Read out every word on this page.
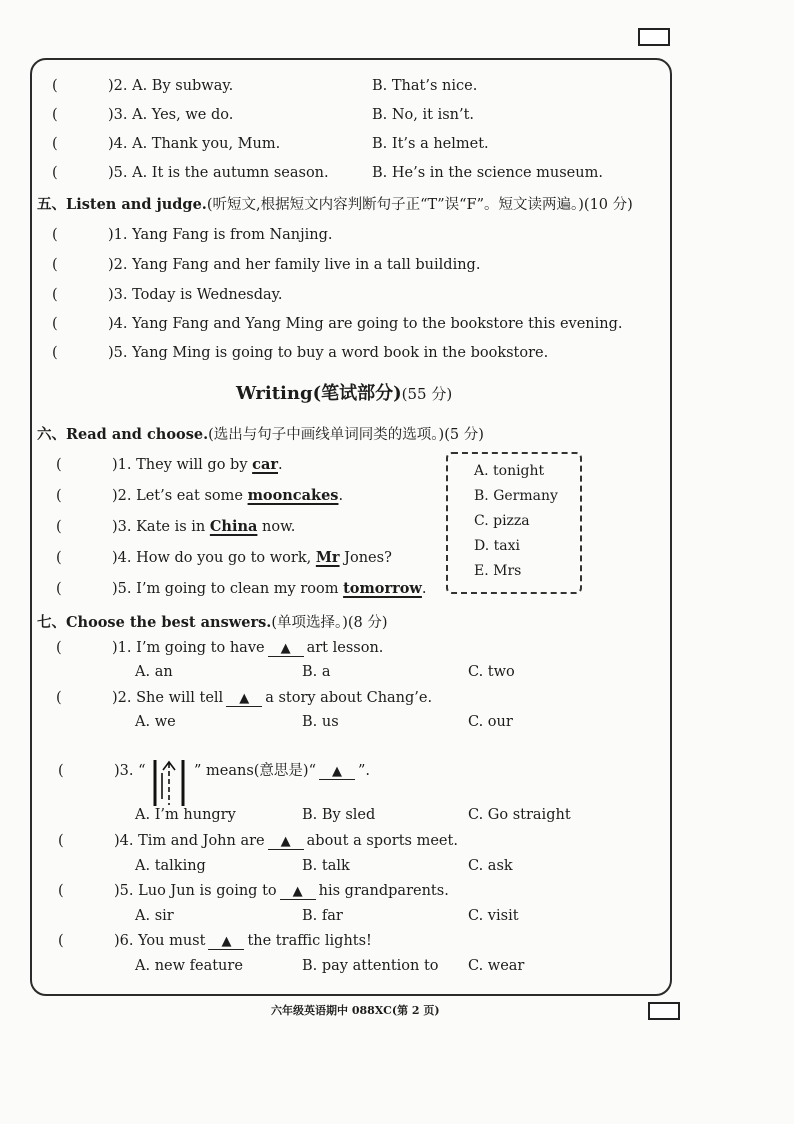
(	)2. A. By subway.	B. That’s nice.
(	)3. A. Yes, we do.	B. No, it isn’t.
(	)4. A. Thank you, Mum.	B. It’s a helmet.
(	)5. A. It is the autumn season.	B. He’s in the science museum.
五、Listen and judge.(听短文,根据短文内容判断句子正“T”误“F”。短文读两遍。)(10 分)
(	)1. Yang Fang is from Nanjing.
(	)2. Yang Fang and her family live in a tall building.
(	)3. Today is Wednesday.
(	)4. Yang Fang and Yang Ming are going to the bookstore this evening.
(	)5. Yang Ming is going to buy a word book in the bookstore.
Writing(笔试部分)(55 分)
六、Read and choose.(选出与句子中画线单词同类的选项。)(5 分)
(	)1. They will go by car.
(	)2. Let’s eat some mooncakes.
(	)3. Kate is in China now.
(	)4. How do you go to work, Mr Jones?
(	)5. I’m going to clean my room tomorrow.
A. tonight
B. Germany
C. pizza
D. taxi
E. Mrs
七、Choose the best answers.(单项选择。)(8 分)
(	)1. I’m going to have ▲ art lesson.
A. an	B. a	C. two
(	)2. She will tell ▲ a story about Chang’e.
A. we	B. us	C. our
(	)3. “	” means(意思是)“ ▲ ”.
A. I’m hungry	B. By sled	C. Go straight
(	)4. Tim and John are ▲ about a sports meet.
A. talking	B. talk	C. ask
(	)5. Luo Jun is going to ▲ his grandparents.
A. sir	B. far	C. visit
(	)6. You must ▲ the traffic lights!
A. new feature	B. pay attention to C. wear
六年级英语期中 088XC(第 2 页)
